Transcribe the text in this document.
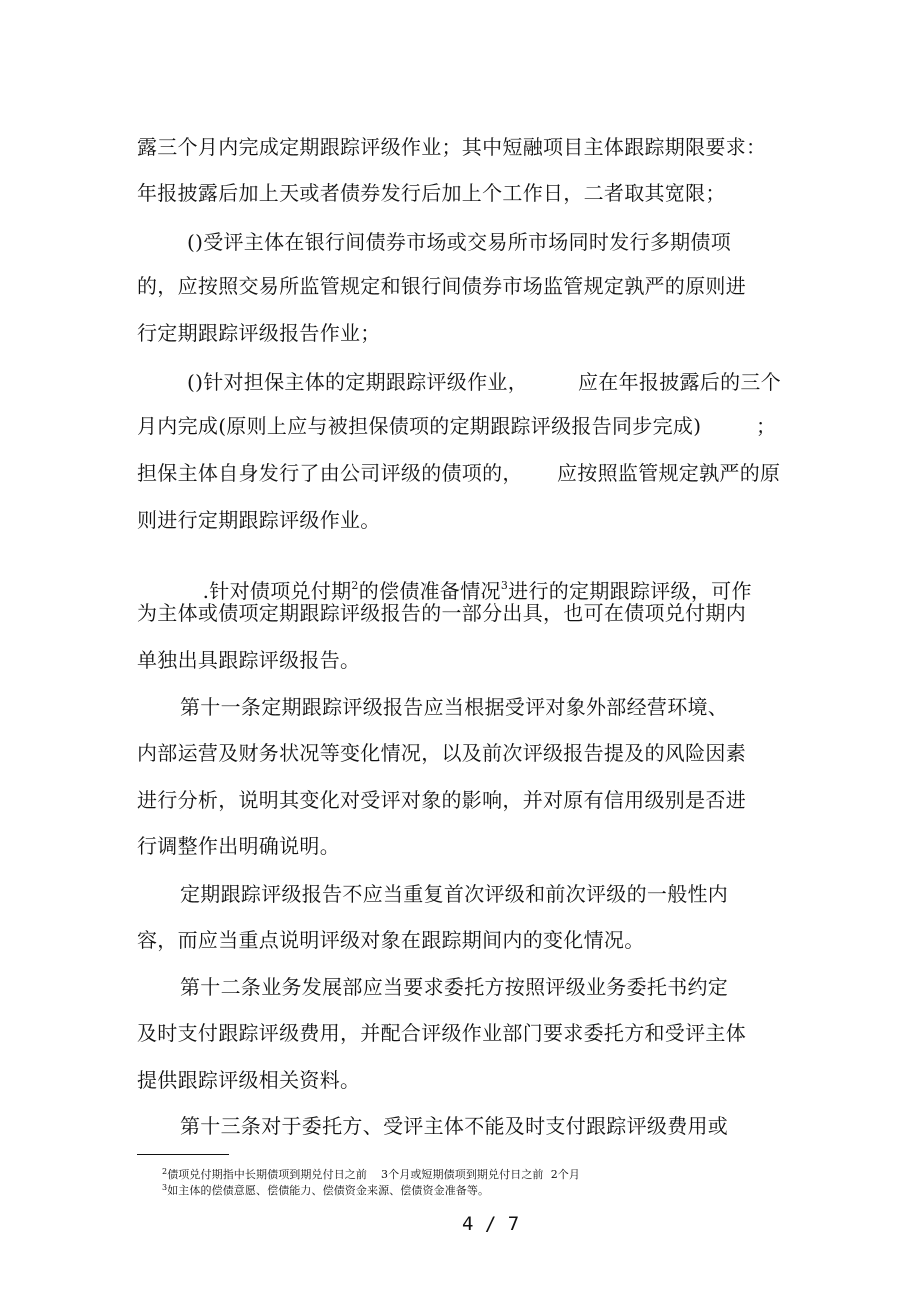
露三个月内完成定期跟踪评级作业；其中短融项目主体跟踪期限要求：
年报披露后加上天或者债券发行后加上个工作日，二者取其宽限；
()受评主体在银行间债券市场或交易所市场同时发行多期债项
的，应按照交易所监管规定和银行间债券市场监管规定孰严的原则进
行定期跟踪评级报告作业；
()针对担保主体的定期跟踪评级作业， 应在年报披露后的三个
月内完成(原则上应与被担保债项的定期跟踪评级报告同步完成)	；
担保主体自身发行了由公司评级的债项的， 应按照监管规定孰严的原
则进行定期跟踪评级作业。

.针对债项兑付期$^2$的偿债准备情况$^3$进行的定期跟踪评级，可作

为主体或债项定期跟踪评级报告的一部分出具，也可在债项兑付期内
单独出具跟踪评级报告。
第十一条定期跟踪评级报告应当根据受评对象外部经营环境、
内部运营及财务状况等变化情况，以及前次评级报告提及的风险因素
进行分析，说明其变化对受评对象的影响，并对原有信用级别是否进
行调整作出明确说明。
定期跟踪评级报告不应当重复首次评级和前次评级的一般性内
容，而应当重点说明评级对象在跟踪期间内的变化情况。
第十二条业务发展部应当要求委托方按照评级业务委托书约定
及时支付跟踪评级费用，并配合评级作业部门要求委托方和受评主体
提供跟踪评级相关资料。
第十三条对于委托方、受评主体不能及时支付跟踪评级费用或
$^2$债项兑付期指中长期债项到期兑付日之前 3个月或短期债项到期兑付日之前  2个月
$^3$如主体的偿债意愿、偿债能力、偿债资金来源、偿债资金准备等。
4 / 7
